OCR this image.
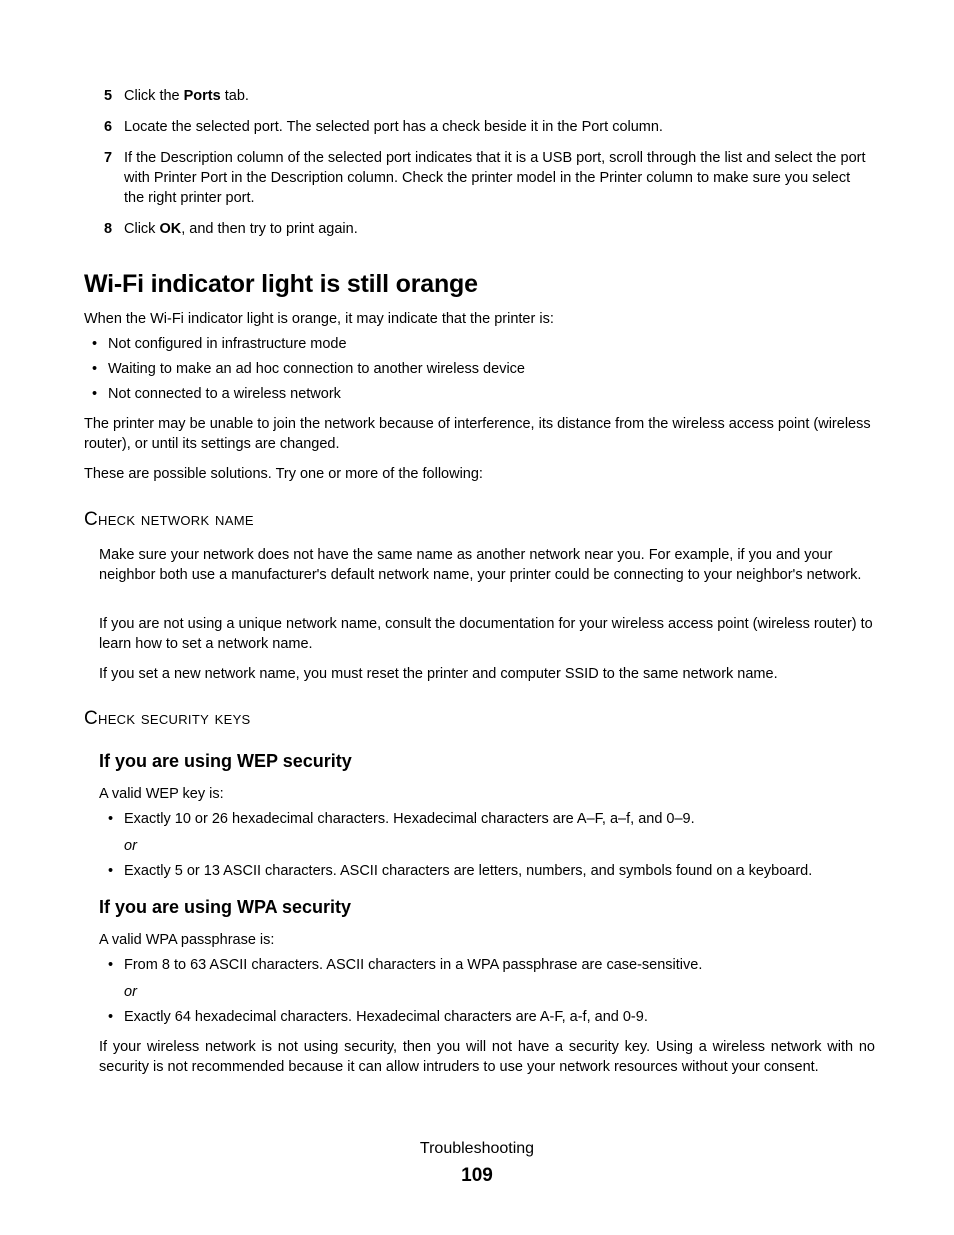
5 Click the Ports tab.
6 Locate the selected port. The selected port has a check beside it in the Port column.
7 If the Description column of the selected port indicates that it is a USB port, scroll through the list and select the port with Printer Port in the Description column. Check the printer model in the Printer column to make sure you select the right printer port.
8 Click OK, and then try to print again.
Wi-Fi indicator light is still orange
When the Wi-Fi indicator light is orange, it may indicate that the printer is:
• Not configured in infrastructure mode
• Waiting to make an ad hoc connection to another wireless device
• Not connected to a wireless network
The printer may be unable to join the network because of interference, its distance from the wireless access point (wireless router), or until its settings are changed.
These are possible solutions. Try one or more of the following:
Check network name
Make sure your network does not have the same name as another network near you. For example, if you and your neighbor both use a manufacturer's default network name, your printer could be connecting to your neighbor's network.
If you are not using a unique network name, consult the documentation for your wireless access point (wireless router) to learn how to set a network name.
If you set a new network name, you must reset the printer and computer SSID to the same network name.
Check security keys
If you are using WEP security
A valid WEP key is:
• Exactly 10 or 26 hexadecimal characters. Hexadecimal characters are A–F, a–f, and 0–9.
or
• Exactly 5 or 13 ASCII characters. ASCII characters are letters, numbers, and symbols found on a keyboard.
If you are using WPA security
A valid WPA passphrase is:
• From 8 to 63 ASCII characters. ASCII characters in a WPA passphrase are case-sensitive.
or
• Exactly 64 hexadecimal characters. Hexadecimal characters are A-F, a-f, and 0-9.
If your wireless network is not using security, then you will not have a security key. Using a wireless network with no security is not recommended because it can allow intruders to use your network resources without your consent.
Troubleshooting
109
